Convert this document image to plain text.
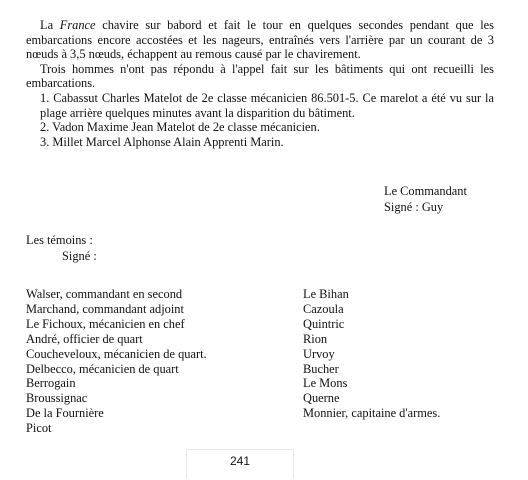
La France chavire sur babord et fait le tour en quelques secondes pendant que les embarcations encore accostées et les nageurs, entraînés vers l'arrière par un courant de 3 nœuds à 3,5 nœuds, échappent au remous causé par le chavirement.

Trois hommes n'ont pas répondu à l'appel fait sur les bâtiments qui ont recueilli les embarcations.

1. Cabassut Charles Matelot de 2e classe mécanicien 86.501-5. Ce marelot a été vu sur la plage arrière quelques minutes avant la disparition du bâtiment.

2. Vadon Maxime Jean Matelot de 2e classe mécanicien.

3. Millet Marcel Alphonse Alain Apprenti Marin.

Le Commandant
Signé : Guy
Les témoins :
Signé :
Walser, commandant en second
Marchand, commandant adjoint
Le Fichoux, mécanicien en chef
André, officier de quart
Coucheveloux, mécanicien de quart.
Delbecco, mécanicien de quart
Berrogain
Broussignac
De la Fournière
Picot
Le Bihan
Cazoula
Quintric
Rion
Urvoy
Bucher
Le Mons
Querne
Monnier, capitaine d'armes.
241
